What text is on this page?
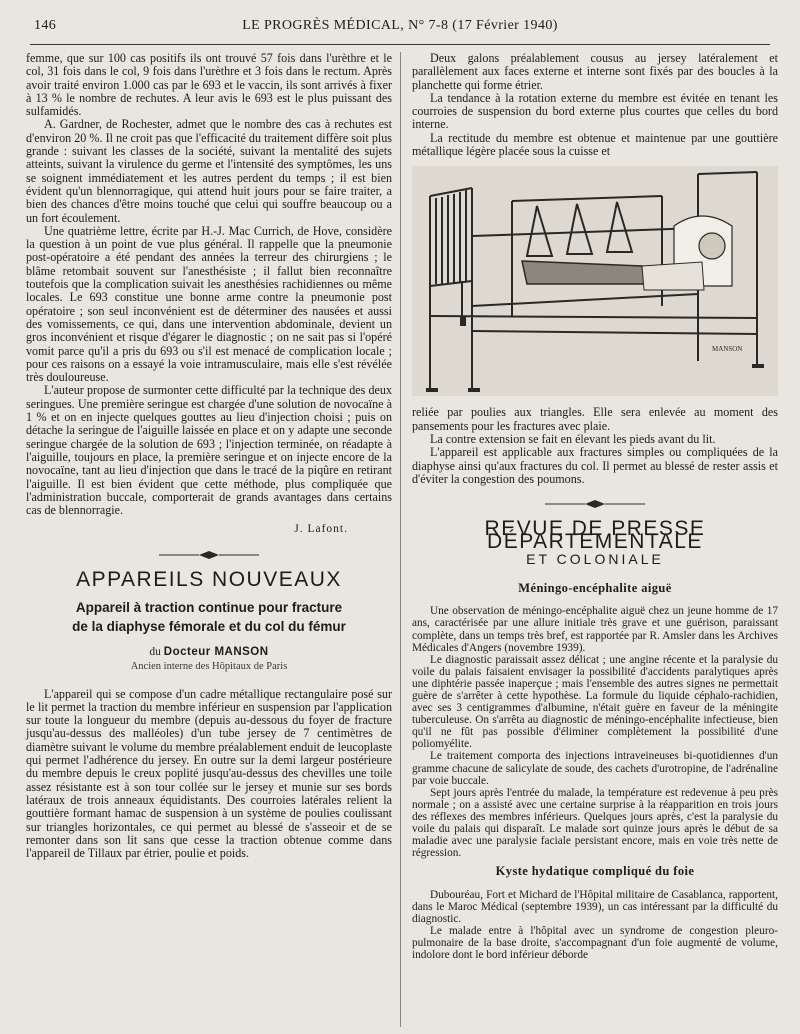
146	LE PROGRÈS MÉDICAL, N° 7-8 (17 Février 1940)

femme, que sur 100 cas positifs ils ont trouvé 57 fois dans l'urèthre et le col, 31 fois dans le col, 9 fois dans l'urèthre et 3 fois dans le rectum. Après avoir traité environ 1.000 cas par le 693 et le vaccin, ils sont arrivés à fixer à 13 % le nombre de rechutes. A leur avis le 693 est le plus puissant des sulfamidés.

A. Gardner, de Rochester, admet que le nombre des cas à rechutes est d'environ 20 %. Il ne croit pas que l'efficacité du traitement diffère soit plus grande : suivant les classes de la société, suivant la mentalité des sujets atteints, suivant la virulence du germe et l'intensité des symptômes, les uns se soignent immédiatement et les autres perdent du temps ; il est bien évident qu'un blennorragique, qui attend huit jours pour se faire traiter, a bien des chances d'être moins touché que celui qui souffre beaucoup ou a un fort écoulement.

Une quatrième lettre, écrite par H.-J. Mac Currich, de Hove, considère la question à un point de vue plus général. Il rappelle que la pneumonie post-opératoire a été pendant des années la terreur des chirurgiens ; le blâme retombait souvent sur l'anesthésiste ; il fallut bien reconnaître toutefois que la complication suivait les anesthésies rachidiennes ou même locales. Le 693 constitue une bonne arme contre la pneumonie post opératoire ; son seul inconvénient est de déterminer des nausées et aussi des vomissements, ce qui, dans une intervention abdominale, devient un gros inconvénient et risque d'égarer le diagnostic ; on ne sait pas si l'opéré vomit parce qu'il a pris du 693 ou s'il est menacé de complication locale ; pour ces raisons on a essayé la voie intramusculaire, mais elle s'est révélée très douloureuse.

L'auteur propose de surmonter cette difficulté par la technique des deux seringues. Une première seringue est chargée d'une solution de novocaïne à 1 % et on en injecte quelques gouttes au lieu d'injection choisi ; puis on détache la seringue de l'aiguille laissée en place et on y adapte une seconde seringue chargée de la solution de 693 ; l'injection terminée, on réadapte à l'aiguille, toujours en place, la première seringue et on injecte encore de la novocaïne, tant au lieu d'injection que dans le tracé de la piqûre en retirant l'aiguille. Il est bien évident que cette méthode, plus compliquée que l'administration buccale, comporterait de grands avantages dans certains cas de blennorragie.

J. Lafont.
APPAREILS NOUVEAUX
Appareil à traction continue pour fracture
de la diaphyse fémorale et du col du fémur
du Docteur MANSON
Ancien interne des Hôpitaux de Paris

L'appareil qui se compose d'un cadre métallique rectangulaire posé sur le lit permet la traction du membre inférieur en suspension par l'application sur toute la longueur du membre (depuis au-dessous du foyer de fracture jusqu'au-dessus des malléoles) d'un tube jersey de 7 centimètres de diamètre suivant le volume du membre préalablement enduit de leucoplaste qui permet l'adhérence du jersey. En outre sur la demi largeur postérieure du membre depuis le creux poplité jusqu'au-dessus des chevilles une toile assez résistante est à son tour collée sur le jersey et munie sur ses bords latéraux de trois anneaux équidistants. Des courroies latérales relient la gouttière formant hamac de suspension à un système de poulies coulissant sur triangles horizontales, ce qui permet au blessé de s'asseoir et de se remonter dans son lit sans que cesse la traction obtenue comme dans l'appareil de Tillaux par étrier, poulie et poids.

Deux galons préalablement cousus au jersey latéralement et parallèlement aux faces externe et interne sont fixés par des boucles à la planchette qui forme étrier.

La tendance à la rotation externe du membre est évitée en tenant les courroies de suspension du bord externe plus courtes que celles du bord interne.

La rectitude du membre est obtenue et maintenue par une gouttière métallique légère placée sous la cuisse et

MANSON

reliée par poulies aux triangles. Elle sera enlevée au moment des pansements pour les fractures avec plaie.

La contre extension se fait en élevant les pieds avant du lit.

L'appareil est applicable aux fractures simples ou compliquées de la diaphyse ainsi qu'aux fractures du col. Il permet au blessé de rester assis et d'éviter la congestion des poumons.

REVUE DE PRESSE DÉPARTEMENTALE
ET COLONIALE
Méningo-encéphalite aiguë

Une observation de méningo-encéphalite aiguë chez un jeune homme de 17 ans, caractérisée par une allure initiale très grave et une guérison, paraissant complète, dans un temps très bref, est rapportée par R. Amsler dans les Archives Médicales d'Angers (novembre 1939).

Le diagnostic paraissait assez délicat ; une angine récente et la paralysie du voile du palais faisaient envisager la possibilité d'accidents paralytiques après une diphtérie passée inaperçue ; mais l'ensemble des autres signes ne permettait guère de s'arrêter à cette hypothèse. La formule du liquide céphalo-rachidien, avec ses 3 centigrammes d'albumine, n'était guère en faveur de la méningite tuberculeuse. On s'arrêta au diagnostic de méningo-encéphalite infectieuse, bien qu'il ne fût pas possible d'éliminer complètement la possibilité d'une poliomyélite.

Le traitement comporta des injections intraveineuses bi-quotidiennes d'un gramme chacune de salicylate de soude, des cachets d'urotropine, de l'adrénaline par voie buccale.

Sept jours après l'entrée du malade, la température est redevenue à peu près normale ; on a assisté avec une certaine surprise à la réapparition en trois jours des réflexes des membres inférieurs. Quelques jours après, c'est la paralysie du voile du palais qui disparaît. Le malade sort quinze jours après le début de sa maladie avec une paralysie faciale persistant encore, mais en voie très nette de régression.

Kyste hydatique compliqué du foie

Dubouréau, Fort et Michard de l'Hôpital militaire de Casablanca, rapportent, dans le Maroc Médical (septembre 1939), un cas intéressant par la difficulté du diagnostic.

Le malade entre à l'hôpital avec un syndrome de congestion pleuro-pulmonaire de la base droite, s'accompagnant d'un foie augmenté de volume, indolore dont le bord inférieur déborde
